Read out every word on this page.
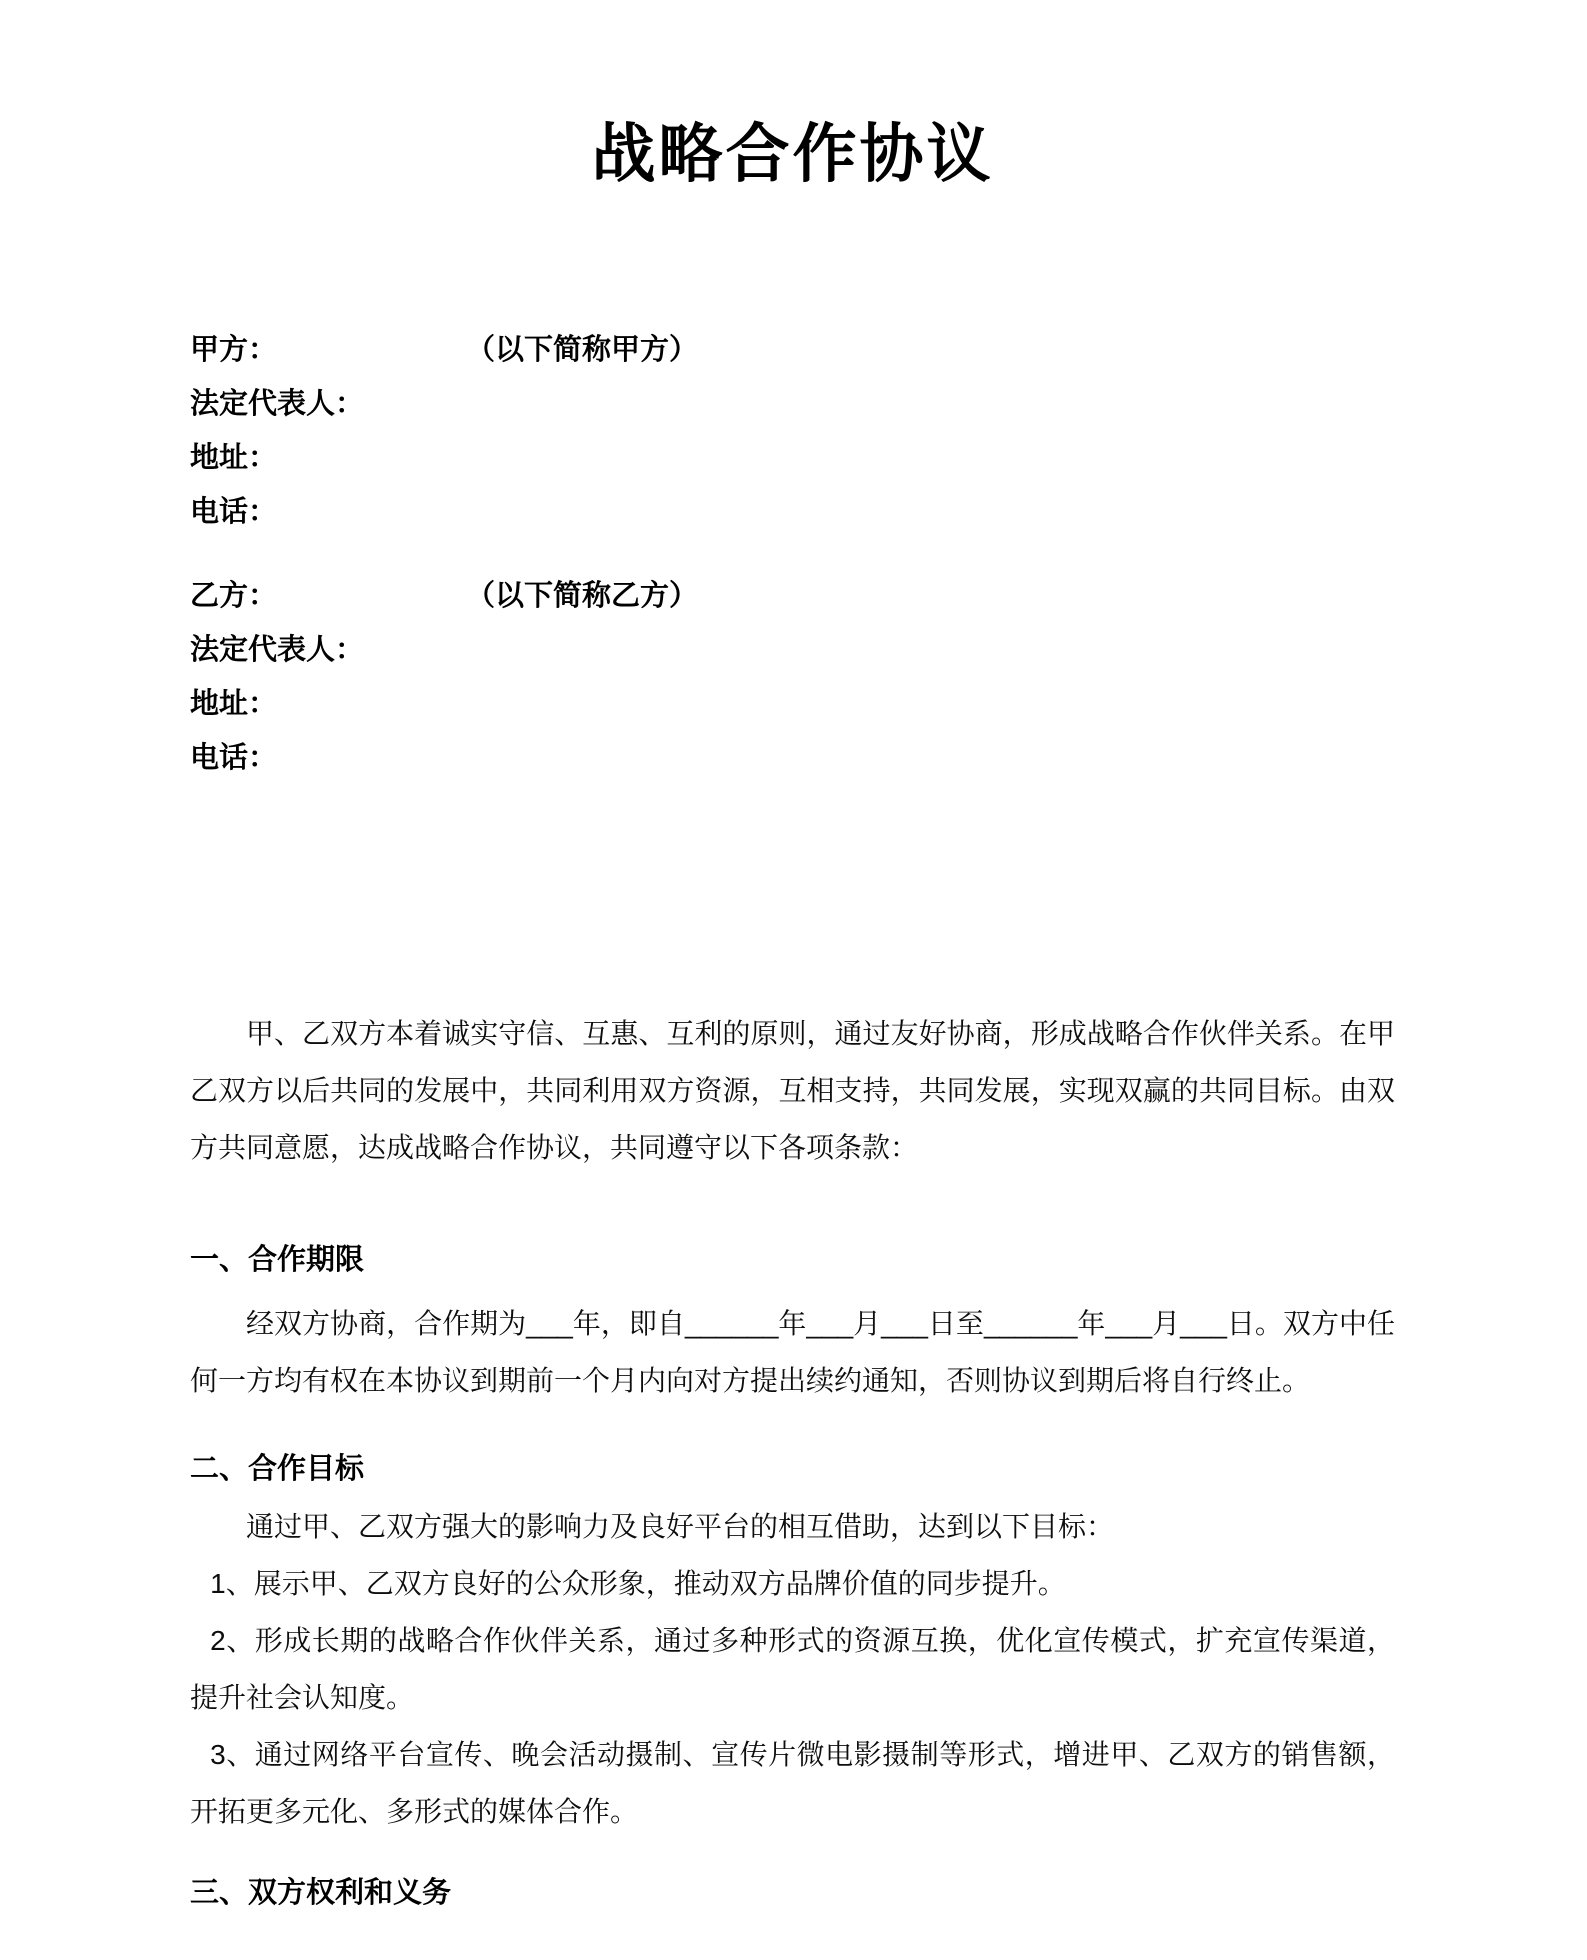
战略合作协议

甲方：	（以下简称甲方）

法定代表人：

地址：

电话：

乙方：	（以下简称乙方）

法定代表人：

地址：

电话：

甲、乙双方本着诚实守信、互惠、互利的原则，通过友好协商，形成战略合作伙伴关系。在甲乙双方以后共同的发展中，共同利用双方资源，互相支持，共同发展，实现双赢的共同目标。由双方共同意愿，达成战略合作协议，共同遵守以下各项条款：

一、合作期限

经双方协商，合作期为___年，即自______年___月___日至______年___月___日。双方中任何一方均有权在本协议到期前一个月内向对方提出续约通知，否则协议到期后将自行终止。

二、合作目标

通过甲、乙双方强大的影响力及良好平台的相互借助，达到以下目标：

1、展示甲、乙双方良好的公众形象，推动双方品牌价值的同步提升。

2、形成长期的战略合作伙伴关系，通过多种形式的资源互换，优化宣传模式，扩充宣传渠道，提升社会认知度。

3、通过网络平台宣传、晚会活动摄制、宣传片微电影摄制等形式，增进甲、乙双方的销售额，开拓更多元化、多形式的媒体合作。

三、双方权利和义务
